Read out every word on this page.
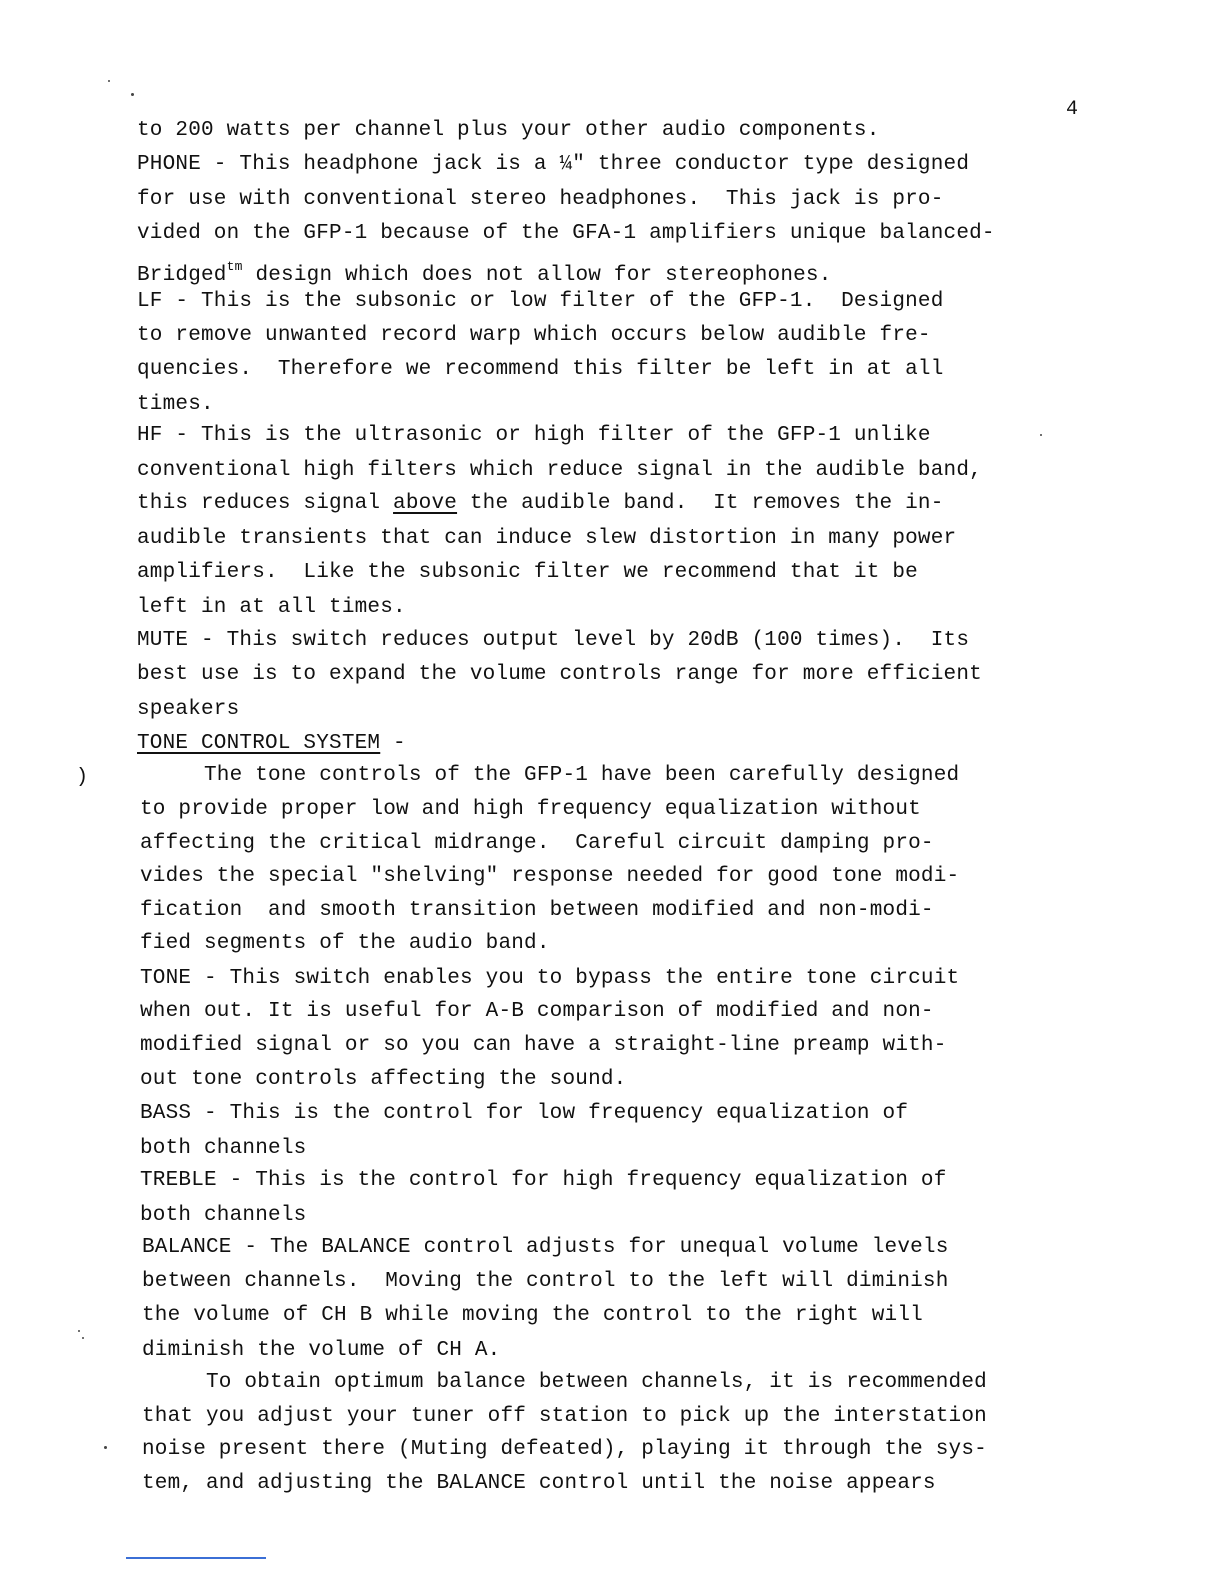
4
to 200 watts per channel plus your other audio components.
PHONE - This headphone jack is a ¼" three conductor type designed
for use with conventional stereo headphones.  This jack is pro-
vided on the GFP-1 because of the GFA-1 amplifiers unique balanced-
Bridged$^{tm}$ design which does not allow for stereophones.
LF - This is the subsonic or low filter of the GFP-1.  Designed
to remove unwanted record warp which occurs below audible fre-
quencies.  Therefore we recommend this filter be left in at all
times.
HF - This is the ultrasonic or high filter of the GFP-1 unlike
conventional high filters which reduce signal in the audible band,
this reduces signal above the audible band.  It removes the in-
audible transients that can induce slew distortion in many power
amplifiers.  Like the subsonic filter we recommend that it be
left in at all times.
MUTE - This switch reduces output level by 20dB (100 times).  Its
best use is to expand the volume controls range for more efficient
speakers
TONE CONTROL SYSTEM -
The tone controls of the GFP-1 have been carefully designed
to provide proper low and high frequency equalization without
affecting the critical midrange.  Careful circuit damping pro-
vides the special "shelving" response needed for good tone modi-
fication  and smooth transition between modified and non-modi-
fied segments of the audio band.
TONE - This switch enables you to bypass the entire tone circuit
when out. It is useful for A-B comparison of modified and non-
modified signal or so you can have a straight-line preamp with-
out tone controls affecting the sound.
BASS - This is the control for low frequency equalization of
both channels
TREBLE - This is the control for high frequency equalization of
both channels
BALANCE - The BALANCE control adjusts for unequal volume levels
between channels.  Moving the control to the left will diminish
the volume of CH B while moving the control to the right will
diminish the volume of CH A.
To obtain optimum balance between channels, it is recommended
that you adjust your tuner off station to pick up the interstation
noise present there (Muting defeated), playing it through the sys-
tem, and adjusting the BALANCE control until the noise appears
)
